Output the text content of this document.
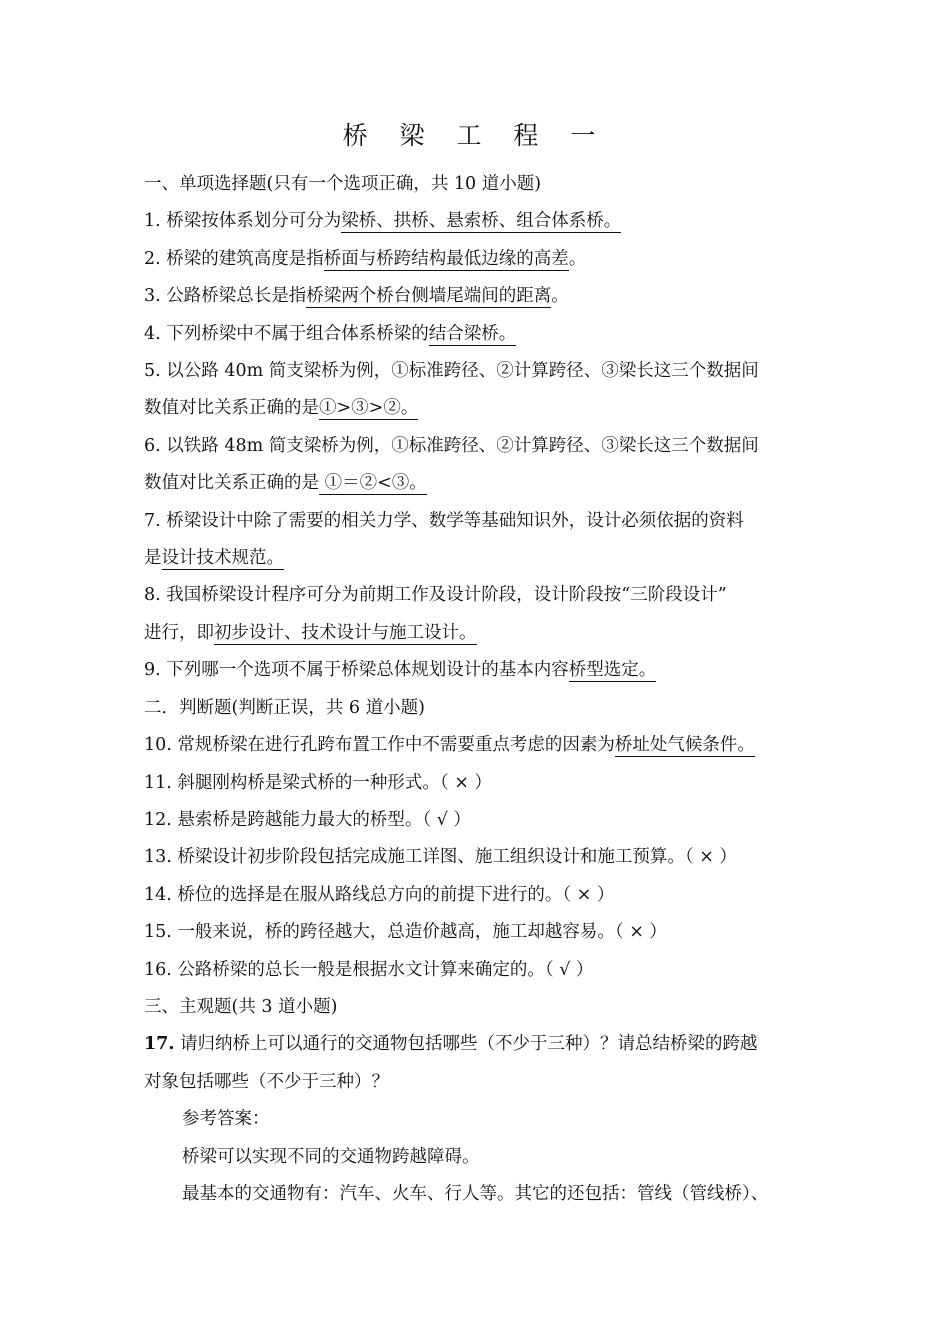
桥 梁 工 程 一
一、单项选择题(只有一个选项正确，共 10 道小题)
1. 桥梁按体系划分可分为梁桥、拱桥、悬索桥、组合体系桥。
2. 桥梁的建筑高度是指桥面与桥跨结构最低边缘的高差。
3. 公路桥梁总长是指桥梁两个桥台侧墙尾端间的距离。
4. 下列桥梁中不属于组合体系桥梁的结合梁桥。
5. 以公路 40m 简支梁桥为例，①标准跨径、②计算跨径、③梁长这三个数据间
数值对比关系正确的是①>③>②。
6. 以铁路 48m 简支梁桥为例，①标准跨径、②计算跨径、③梁长这三个数据间
数值对比关系正确的是 ①＝②<③。
7. 桥梁设计中除了需要的相关力学、数学等基础知识外，设计必须依据的资料
是设计技术规范。
8. 我国桥梁设计程序可分为前期工作及设计阶段，设计阶段按“三阶段设计”
进行，即初步设计、技术设计与施工设计。
9. 下列哪一个选项不属于桥梁总体规划设计的基本内容桥型选定。
二．判断题(判断正误，共 6 道小题)
10. 常规桥梁在进行孔跨布置工作中不需要重点考虑的因素为桥址处气候条件。
11. 斜腿刚构桥是梁式桥的一种形式。（ × ）
12. 悬索桥是跨越能力最大的桥型。（ √ ）
13. 桥梁设计初步阶段包括完成施工详图、施工组织设计和施工预算。（ × ）
14. 桥位的选择是在服从路线总方向的前提下进行的。（ × ）
15. 一般来说，桥的跨径越大，总造价越高，施工却越容易。（ × ）
16. 公路桥梁的总长一般是根据水文计算来确定的。（ √ ）
三、主观题(共 3 道小题)
17. 请归纳桥上可以通行的交通物包括哪些（不少于三种）？请总结桥梁的跨越
对象包括哪些（不少于三种）？
参考答案：
桥梁可以实现不同的交通物跨越障碍。
最基本的交通物有：汽车、火车、行人等。其它的还包括：管线（管线桥）、
